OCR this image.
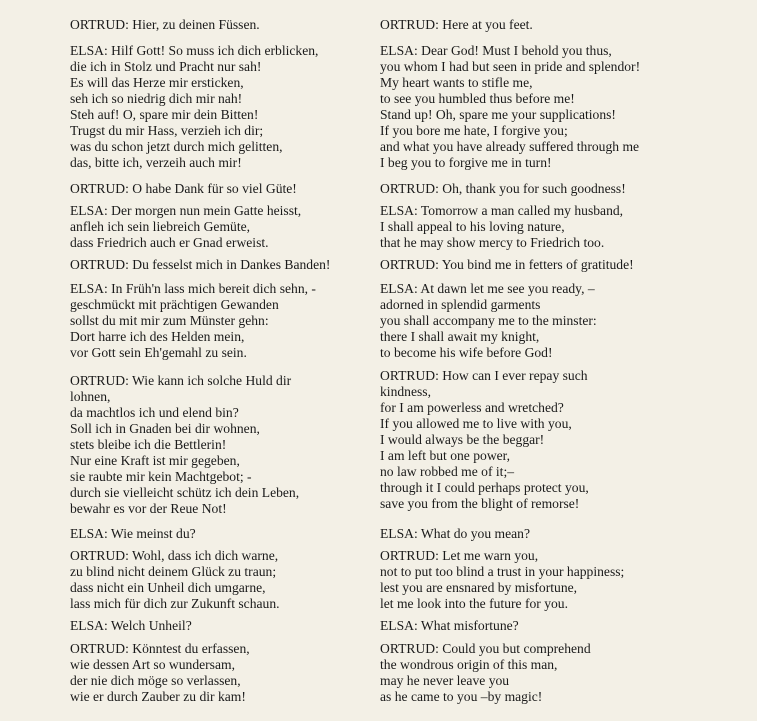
ORTRUD: Hier, zu deinen Füssen.
ELSA: Hilf Gott! So muss ich dich erblicken,
die ich in Stolz und Pracht nur sah!
Es will das Herze mir ersticken,
seh ich so niedrig dich mir nah!
Steh auf! O, spare mir dein Bitten!
Trugst du mir Hass, verzieh ich dir;
was du schon jetzt durch mich gelitten,
das, bitte ich, verzeih auch mir!
ORTRUD: O habe Dank für so viel Güte!
ELSA: Der morgen nun mein Gatte heisst,
anfleh ich sein liebreich Gemüte,
dass Friedrich auch er Gnad erweist.
ORTRUD: Du fesselst mich in Dankes Banden!
ELSA: In Früh'n lass mich bereit dich sehn, -
geschmückt mit prächtigen Gewanden
sollst du mit mir zum Münster gehn:
Dort harre ich des Helden mein,
vor Gott sein Eh'gemahl zu sein.
ORTRUD: Wie kann ich solche Huld dir
lohnen,
da machtlos ich und elend bin?
Soll ich in Gnaden bei dir wohnen,
stets bleibe ich die Bettlerin!
Nur eine Kraft ist mir gegeben,
sie raubte mir kein Machtgebot; -
durch sie vielleicht schütz ich dein Leben,
bewahr es vor der Reue Not!
ELSA: Wie meinst du?
ORTRUD: Wohl, dass ich dich warne,
zu blind nicht deinem Glück zu traun;
dass nicht ein Unheil dich umgarne,
lass mich für dich zur Zukunft schaun.
ELSA: Welch Unheil?
ORTRUD: Könntest du erfassen,
wie dessen Art so wundersam,
der nie dich möge so verlassen,
wie er durch Zauber zu dir kam!
ORTRUD: Here at you feet.
ELSA: Dear God! Must I behold you thus,
you whom I had but seen in pride and splendor!
My heart wants to stifle me,
to see you humbled thus before me!
Stand up! Oh, spare me your supplications!
If you bore me hate, I forgive you;
and what you have already suffered through me
I beg you to forgive me in turn!
ORTRUD: Oh, thank you for such goodness!
ELSA: Tomorrow a man called my husband,
I shall appeal to his loving nature,
that he may show mercy to Friedrich too.
ORTRUD: You bind me in fetters of gratitude!
ELSA: At dawn let me see you ready, –
adorned in splendid garments
you shall accompany me to the minster:
there I shall await my knight,
to become his wife before God!
ORTRUD: How can I ever repay such
kindness,
for I am powerless and wretched?
If you allowed me to live with you,
I would always be the beggar!
I am left but one power,
no law robbed me of it;–
through it I could perhaps protect you,
save you from the blight of remorse!
ELSA: What do you mean?
ORTRUD: Let me warn you,
not to put too blind a trust in your happiness;
lest you are ensnared by misfortune,
let me look into the future for you.
ELSA: What misfortune?
ORTRUD: Could you but comprehend
the wondrous origin of this man,
may he never leave you
as he came to you –by magic!
